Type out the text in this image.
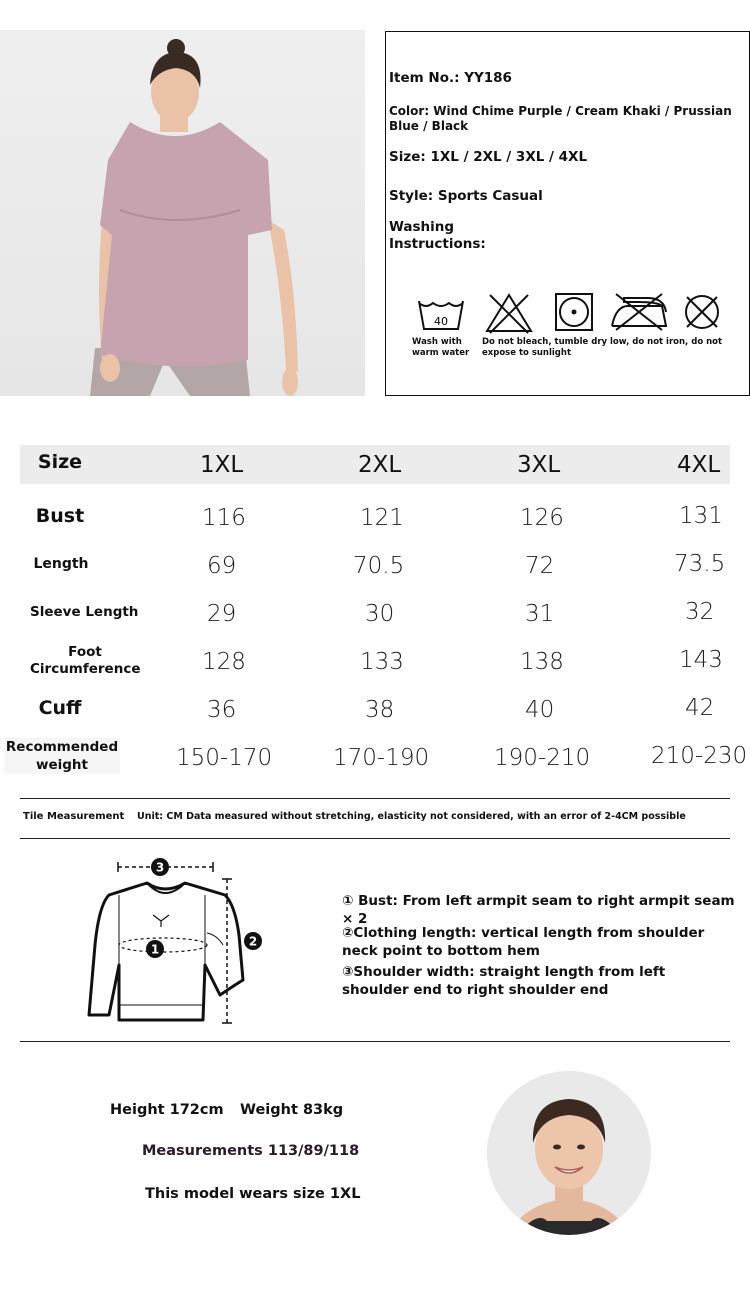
Item No.: YY186
Color: Wind Chime Purple / Cream Khaki / Prussian Blue / Black
Size: 1XL / 2XL / 3XL / 4XL
Style: Sports Casual
Washing Instructions:
40
Wash with warm water
Do not bleach, tumble dry low, do not iron, do not expose to sunlight
Size	1XL	2XL	3XL	4XL
Bust	116	121	126	131
Length	69	70.5	72	73.5
Sleeve Length	29	30	31	32
Foot
Circumference	128	133	138	143
Cuff	36	38	40	42
Recommended
weight	150-170	170-190	190-210	210-230
Tile Measurement Unit: CM Data measured without stretching, elasticity not considered, with an error of 2-4CM possible
3
1
2
① Bust: From left armpit seam to right armpit seam × 2
②Clothing length: vertical length from shoulder neck point to bottom hem
③Shoulder width: straight length from left shoulder end to right shoulder end
Height 172cm Weight 83kg
Measurements 113/89/118
This model wears size 1XL
